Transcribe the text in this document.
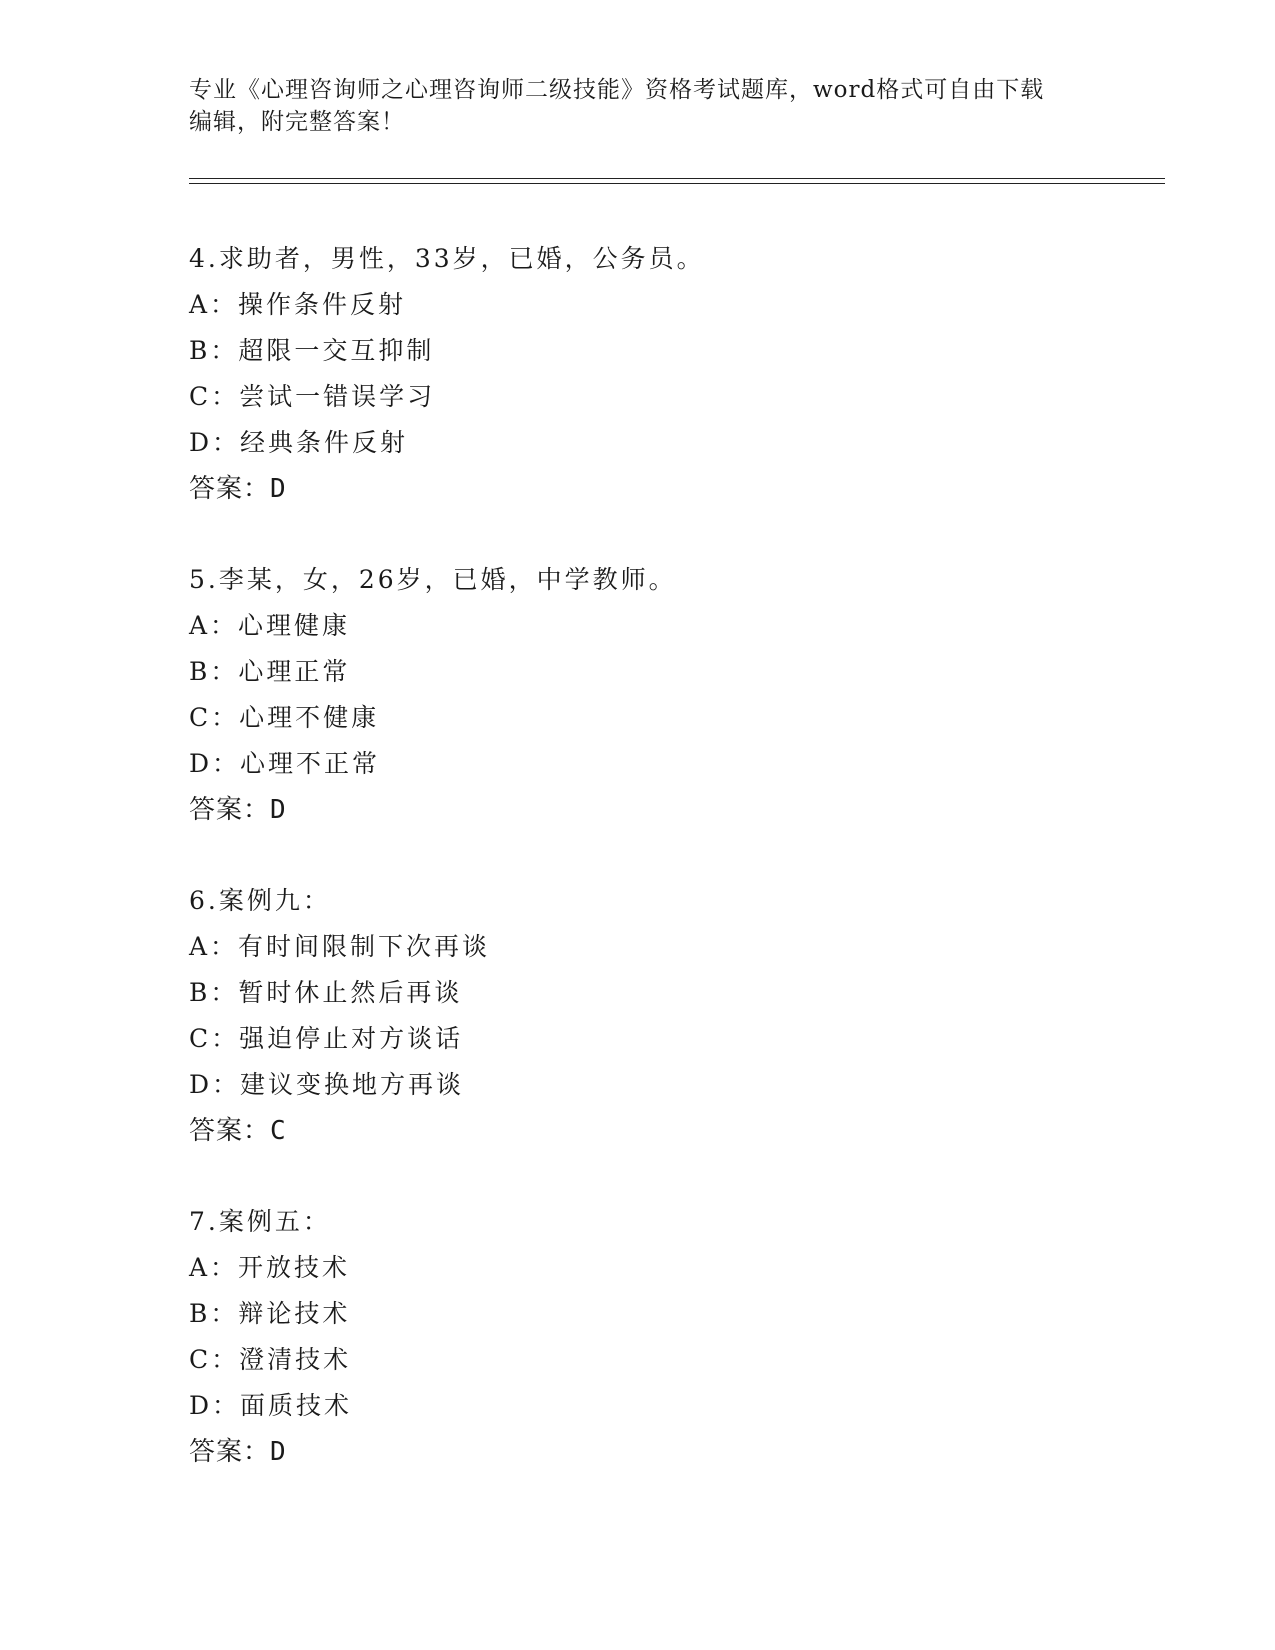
专业《心理咨询师之心理咨询师二级技能》资格考试题库，word格式可自由下载
编辑，附完整答案！
4.求助者，男性，33岁，已婚，公务员。
A：操作条件反射
B：超限一交互抑制
C：尝试一错误学习
D：经典条件反射
答案：D
5.李某，女，26岁，已婚，中学教师。
A：心理健康
B：心理正常
C：心理不健康
D：心理不正常
答案：D
6.案例九：
A：有时间限制下次再谈
B：暂时休止然后再谈
C：强迫停止对方谈话
D：建议变换地方再谈
答案：C
7.案例五：
A：开放技术
B：辩论技术
C：澄清技术
D：面质技术
答案：D
